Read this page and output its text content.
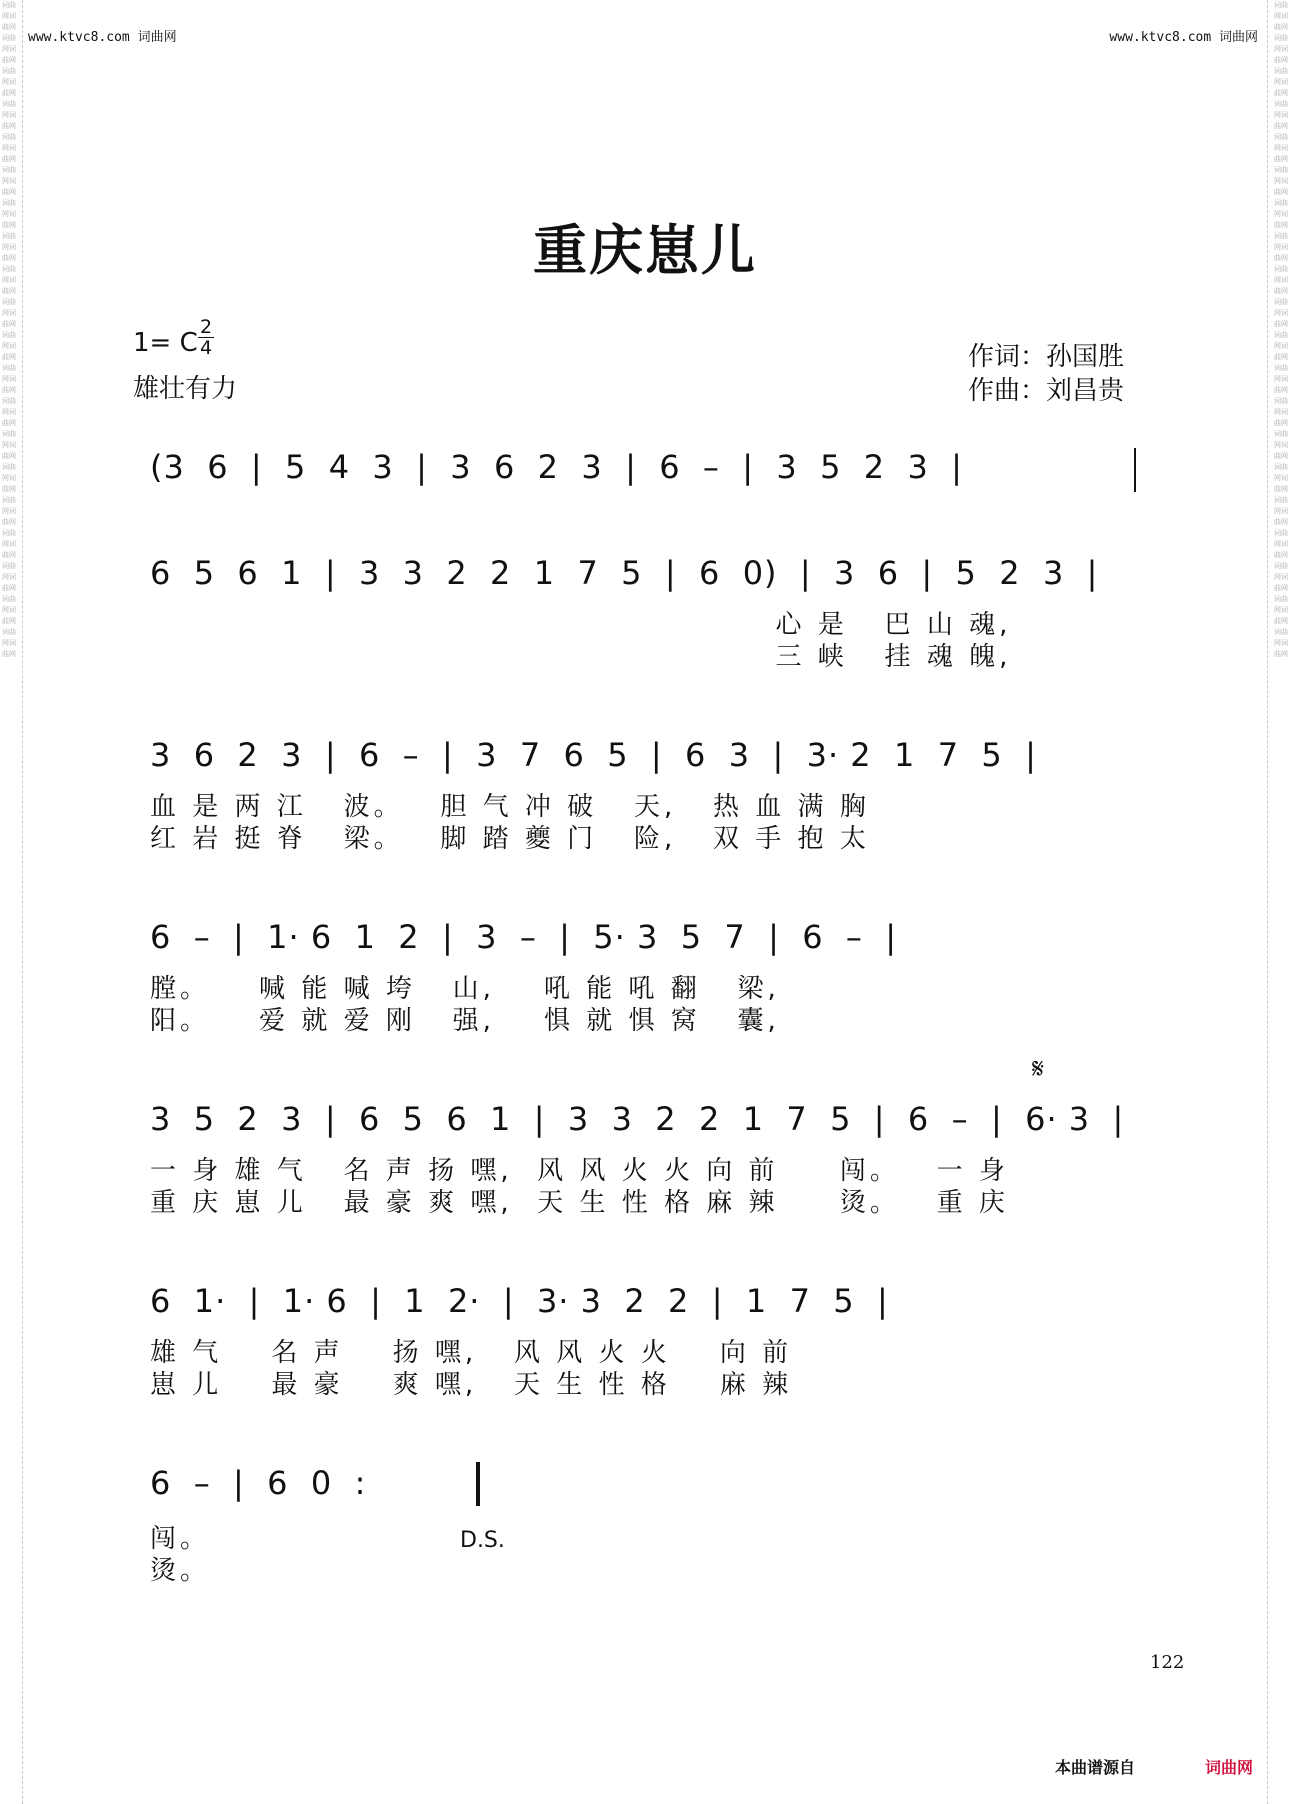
词曲网词曲网词曲网词曲网词曲网词曲网词曲网词曲网词曲网词曲网词曲网词曲网词曲网词曲网词曲网词曲网词曲网词曲网词曲网词曲网词曲网词曲网词曲网词曲网词曲网词曲网词曲网词曲网词曲网词曲网词曲网词曲网词曲网词曲网词曲网词曲网词曲网词曲网词曲网词曲网
词曲网词曲网词曲网词曲网词曲网词曲网词曲网词曲网词曲网词曲网词曲网词曲网词曲网词曲网词曲网词曲网词曲网词曲网词曲网词曲网词曲网词曲网词曲网词曲网词曲网词曲网词曲网词曲网词曲网词曲网词曲网词曲网词曲网词曲网词曲网词曲网词曲网词曲网词曲网词曲网
www.ktvc8.com 词曲网	www.ktvc8.com 词曲网
重庆崽儿
1= C
2
4
雄壮有力
作词：孙国胜
作曲：刘昌贵
(3  6  |  5  4  3  |  3  6  2  3  |  6  –  |  3  5  2  3  |
6  5  6  1  |  3  3  2  2  1  7  5  |  6  0)  |  3  6  |  5  2  3  |
心 是   巴 山 魂,
三 峡   挂 魂 魄,
3  6  2  3  |  6  –  |  3  7  6  5  |  6  3  |  3· 2  1  7  5  |
血 是 两 江   波。   胆 气 冲 破   天,   热 血 满 胸
红 岩 挺 脊   梁。   脚 踏 夔 门   险,   双 手 抱 太
6  –  |  1· 6  1  2  |  3  –  |  5· 3  5  7  |  6  –  |
膛。    喊 能 喊 垮   山,    吼 能 吼 翻   梁,
阳。    爱 就 爱 刚   强,    惧 就 惧 窝   囊,
𝄋
3  5  2  3  |  6  5  6  1  |  3  3  2  2  1  7  5  |  6  –  |  6· 3  |
一 身 雄 气   名 声 扬 嘿,  风 风 火 火 向 前     闯。   一 身
重 庆 崽 儿   最 豪 爽 嘿,  天 生 性 格 麻 辣     烫。   重 庆
6  1·  |  1· 6  |  1  2·  |  3· 3  2  2  |  1  7  5  |
雄 气    名 声    扬 嘿,   风 风 火 火    向 前
崽 儿    最 豪    爽 嘿,   天 生 性 格    麻 辣
6  –  |  6  0  :
闯。
烫。
D.S.
122
本曲谱源自	词曲网
